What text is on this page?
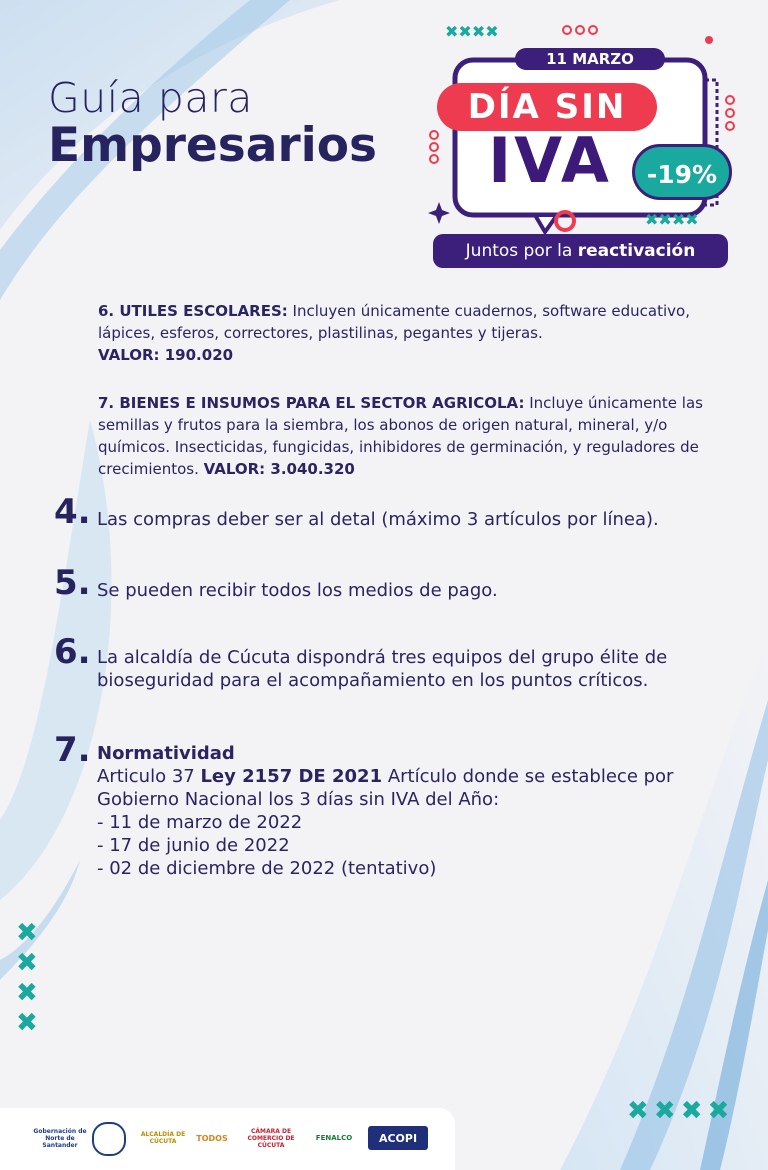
Guía para
Empresarios
✖✖✖✖
✖✖✖✖
11 MARZO
DÍA SIN
IVA	-19%
Juntos por la reactivación
6. UTILES ESCOLARES: Incluyen únicamente cuadernos, software educativo, lápices, esferos, correctores, plastilinas, pegantes y tijeras.
VALOR: 190.020
7. BIENES E INSUMOS PARA EL SECTOR AGRICOLA: Incluye únicamente las semillas y frutos para la siembra, los abonos de origen natural, mineral, y/o químicos. Insecticidas, fungicidas, inhibidores de germinación, y reguladores de crecimientos. VALOR: 3.040.320
4. Las compras deber ser al detal (máximo 3 artículos por línea).
5. Se pueden recibir todos los medios de pago.
6. La alcaldía de Cúcuta dispondrá tres equipos del grupo élite de bioseguridad para el acompañamiento en los puntos críticos.
7. Normatividad
Articulo 37 Ley 2157 DE 2021 Artículo donde se establece por Gobierno Nacional los 3 días sin IVA del Año:
- 11 de marzo de 2022
- 17 de junio de 2022
- 02 de diciembre de 2022 (tentativo)
✖ ✖ ✖ ✖
✖ ✖ ✖ ✖
Gobernación de Norte de Santander
ALCALDÍA DE CÚCUTA	TODOS
CÁMARA DE COMERCIO DE CÚCUTA
FENALCO	ACOPI
